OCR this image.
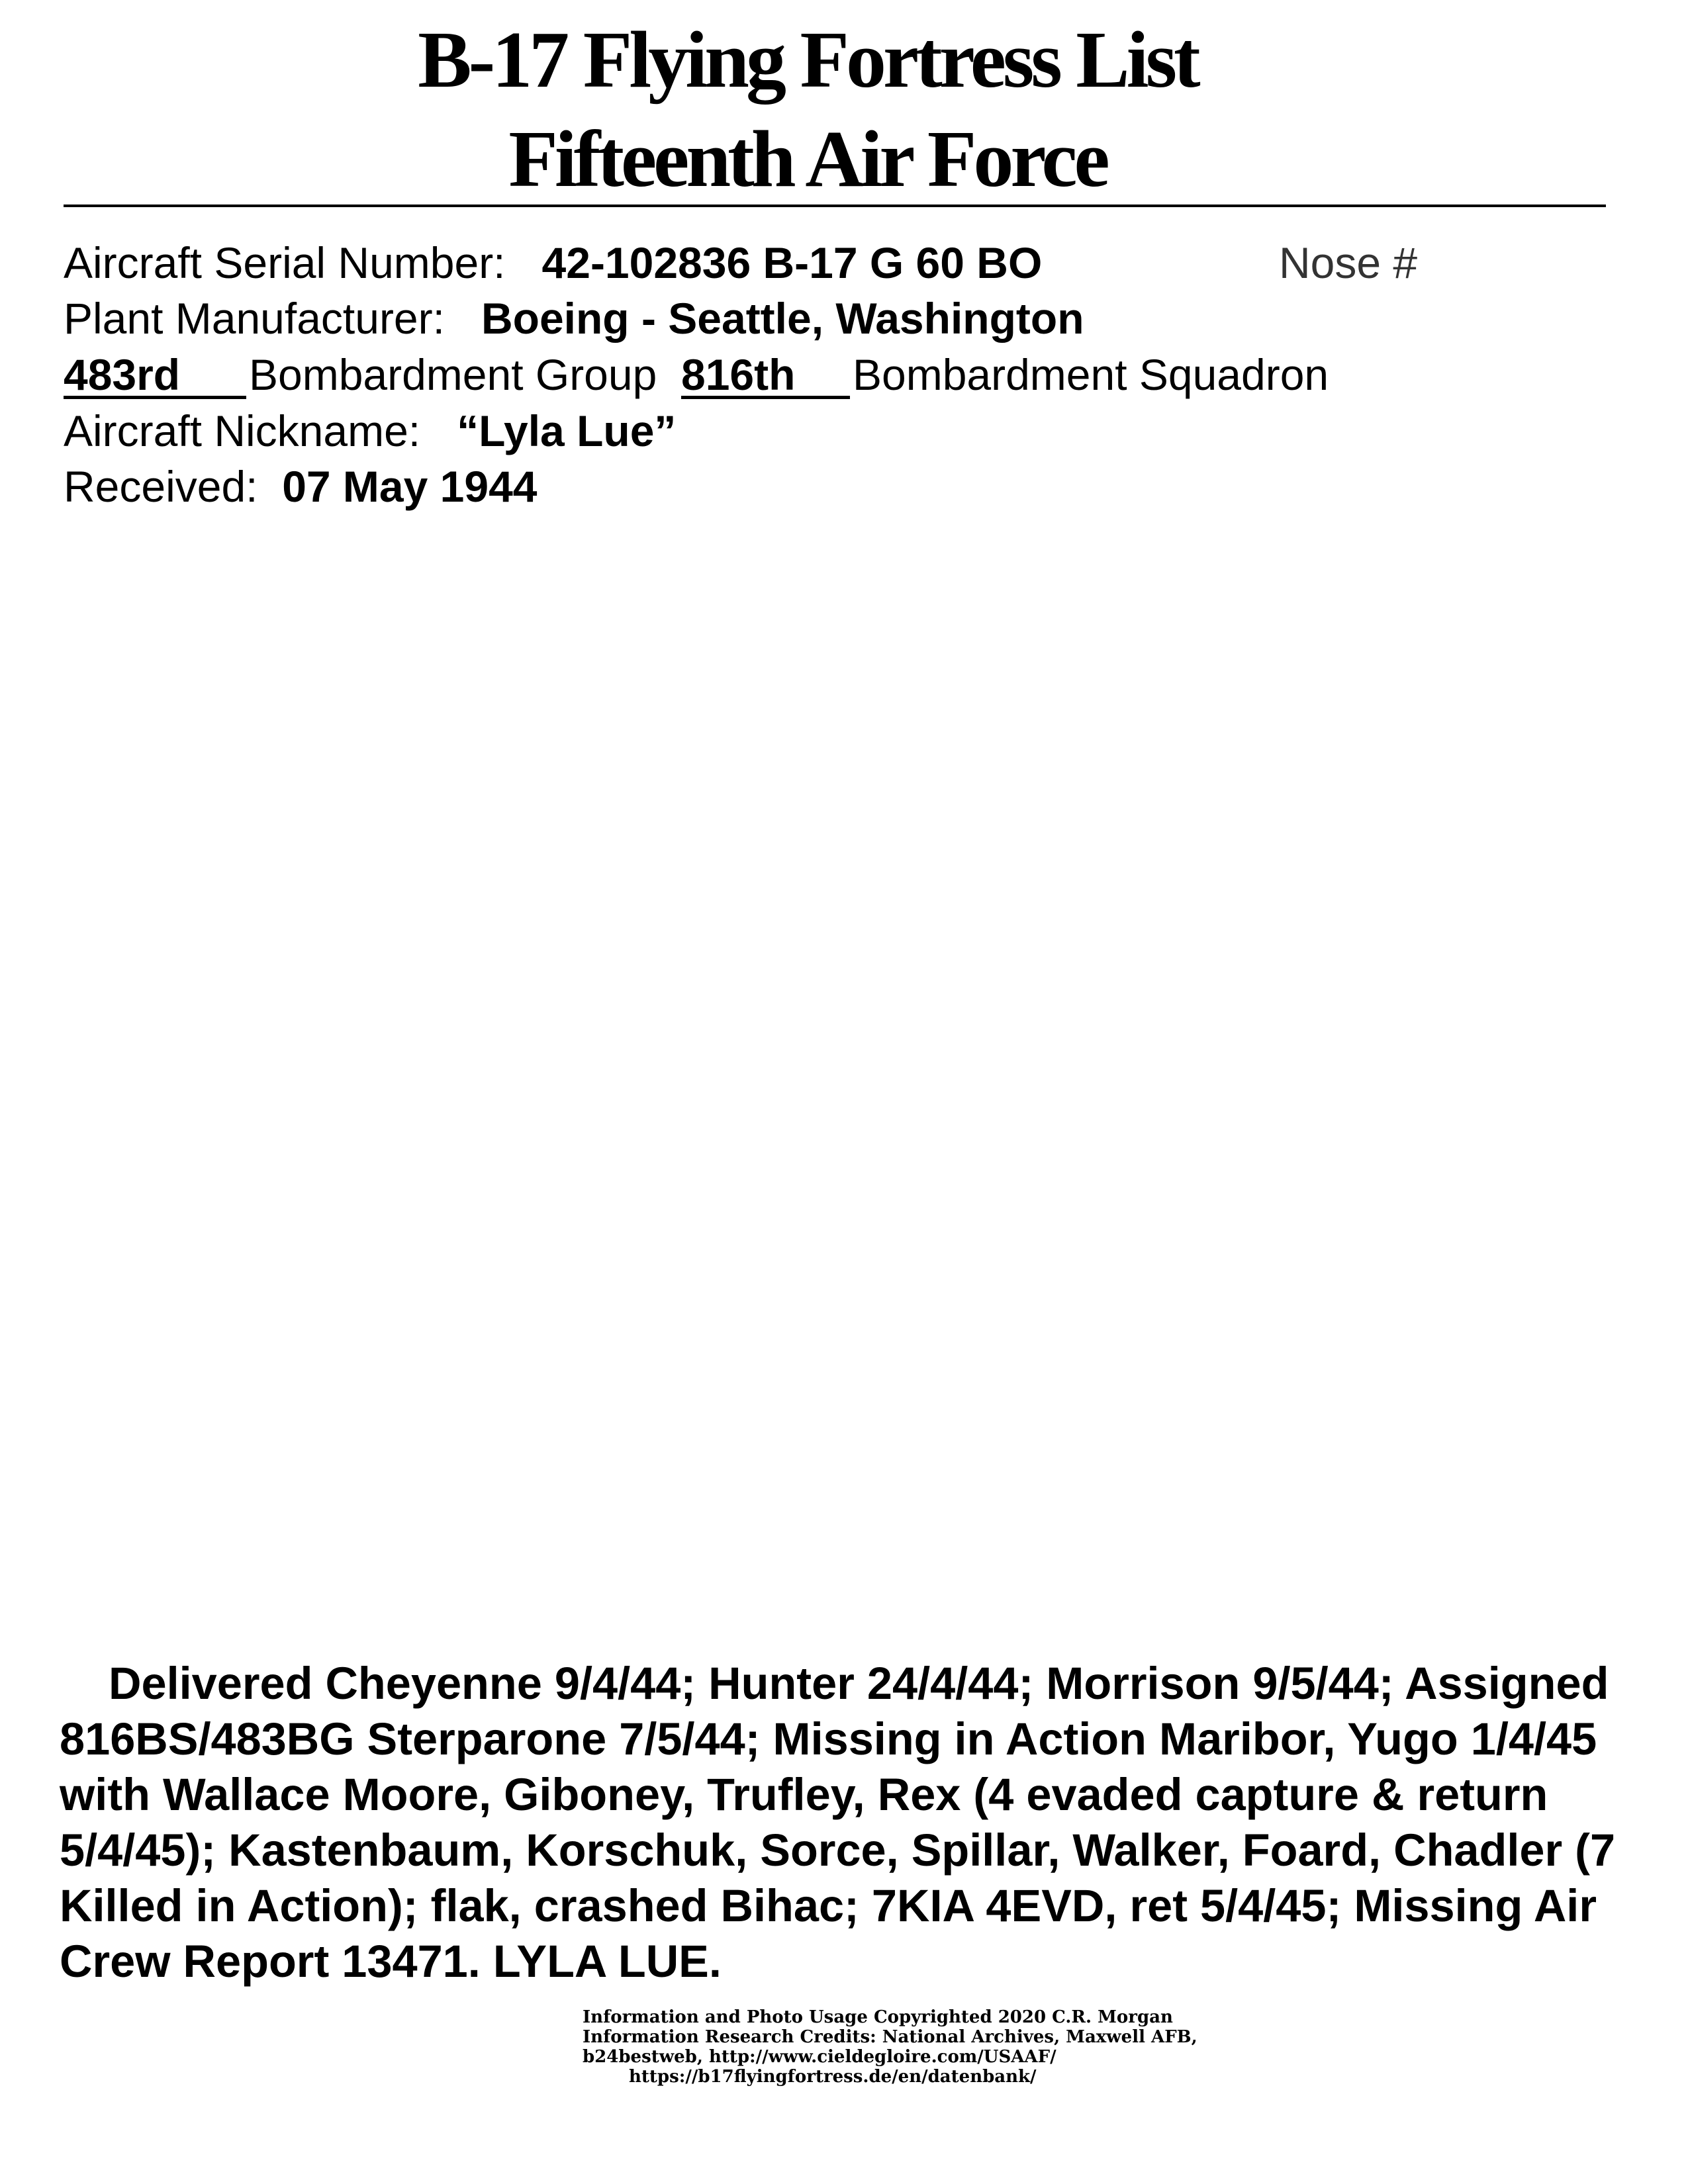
B-17 Flying Fortress List
Fifteenth Air Force
Aircraft Serial Number: 42-102836 B-17 G 60 BO	Nose #
Plant Manufacturer: Boeing - Seattle, Washington
483rd Bombardment Group 816th Bombardment Squadron
Aircraft Nickname: “Lyla Lue”
Received: 07 May 1944
Delivered Cheyenne 9/4/44; Hunter 24/4/44; Morrison 9/5/44; Assigned 816BS/483BG Sterparone 7/5/44; Missing in Action Maribor, Yugo 1/4/45 with Wallace Moore, Giboney, Trufley, Rex (4 evaded capture & return 5/4/45); Kastenbaum, Korschuk, Sorce, Spillar, Walker, Foard, Chadler (7 Killed in Action); flak, crashed Bihac; 7KIA 4EVD, ret 5/4/45; Missing Air Crew Report 13471. LYLA LUE.
Information and Photo Usage Copyrighted 2020 C.R. Morgan
Information Research Credits: National Archives, Maxwell AFB,
b24bestweb, http://www.cieldegloire.com/USAAF/
https://b17flyingfortress.de/en/datenbank/
